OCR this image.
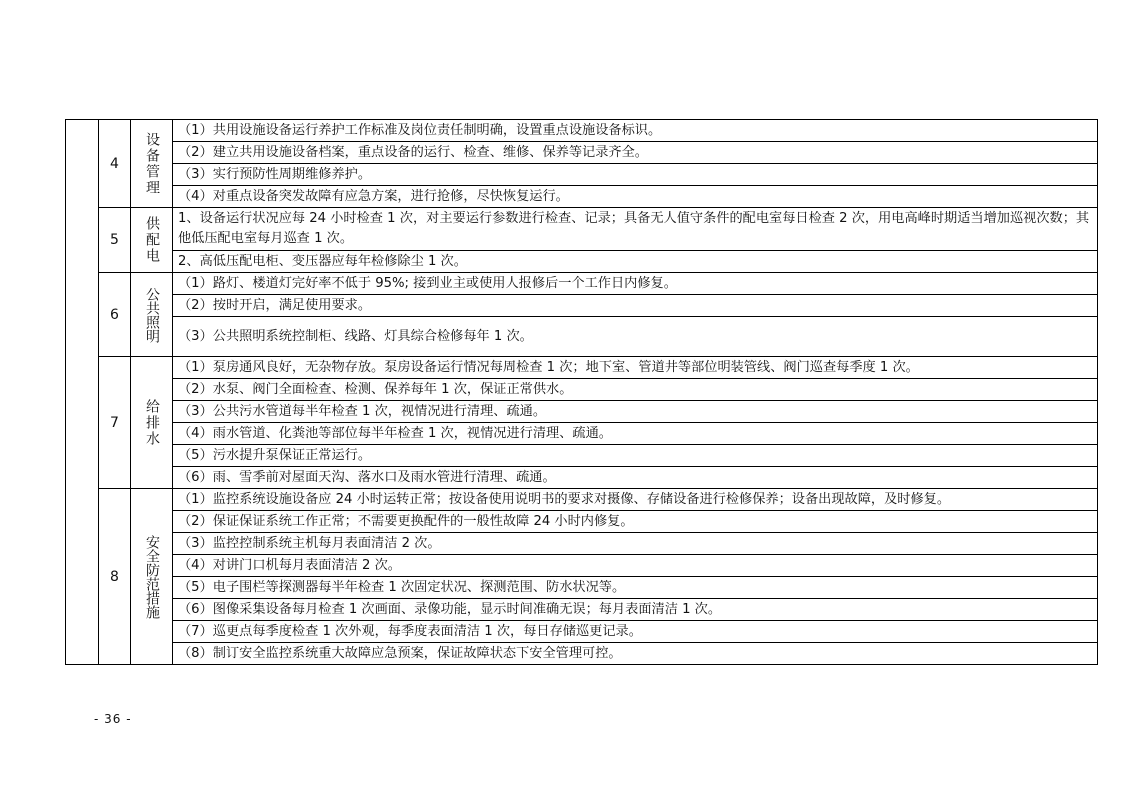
	4	设备管理	（1）共用设施设备运行养护工作标准及岗位责任制明确，设置重点设施设备标识。
			（2）建立共用设施设备档案，重点设备的运行、检查、维修、保养等记录齐全。
			（3）实行预防性周期维修养护。
			（4）对重点设备突发故障有应急方案，进行抢修，尽快恢复运行。
	5	供配电	1、设备运行状况应每 24 小时检查 1 次，对主要运行参数进行检查、记录；具备无人值守条件的配电室每日检查 2 次，用电高峰时期适当增加巡视次数；其他低压配电室每月巡查 1 次。
			2、高低压配电柜、变压器应每年检修除尘 1 次。
	6	公共照明	（1）路灯、楼道灯完好率不低于 95%; 接到业主或使用人报修后一个工作日内修复。
			（2）按时开启，满足使用要求。
			（3）公共照明系统控制柜、线路、灯具综合检修每年 1 次。
	7	给排水	（1）泵房通风良好，无杂物存放。泵房设备运行情况每周检查 1 次；地下室、管道井等部位明装管线、阀门巡查每季度 1 次。
			（2）水泵、阀门全面检查、检测、保养每年 1 次，保证正常供水。
			（3）公共污水管道每半年检查 1 次，视情况进行清理、疏通。
			（4）雨水管道、化粪池等部位每半年检查 1 次，视情况进行清理、疏通。
			（5）污水提升泵保证正常运行。
			（6）雨、雪季前对屋面天沟、落水口及雨水管进行清理、疏通。
	8	安全防范措施	（1）监控系统设施设备应 24 小时运转正常；按设备使用说明书的要求对摄像、存储设备进行检修保养；设备出现故障，及时修复。
			（2）保证保证系统工作正常；不需要更换配件的一般性故障 24 小时内修复。
			（3）监控控制系统主机每月表面清洁 2 次。
			（4）对讲门口机每月表面清洁 2 次。
			（5）电子围栏等探测器每半年检查 1 次固定状况、探测范围、防水状况等。
			（6）图像采集设备每月检查 1 次画面、录像功能，显示时间准确无误；每月表面清洁 1 次。
			（7）巡更点每季度检查 1 次外观，每季度表面清洁 1 次，每日存储巡更记录。
			（8）制订安全监控系统重大故障应急预案，保证故障状态下安全管理可控。
- 36 -
